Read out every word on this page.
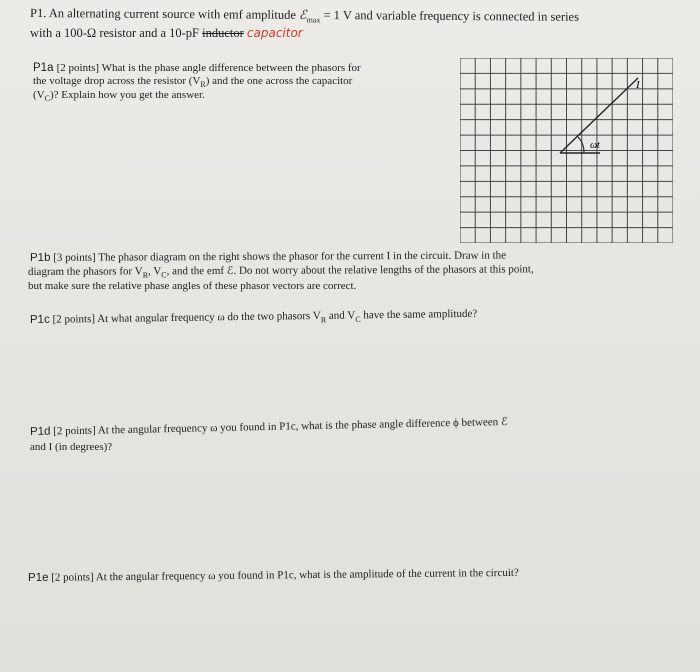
P1. An alternating current source with emf amplitude ℰ$_{max}$ = 1 V and variable frequency is connected in series
with a 100-Ω resistor and a 10-pF inductor capacitor
P1a [2 points] What is the phase angle difference between the phasors for
the voltage drop across the resistor $(V_R)$ and the one across the capacitor
$(V_C)$? Explain how you get the answer.
I
ωt
P1b [3 points] The phasor diagram on the right shows the phasor for the current I in the circuit. Draw in the
diagram the phasors for $V_R$, $V_C$, and the emf ℰ. Do not worry about the relative lengths of the phasors at this point,
but make sure the relative phase angles of these phasor vectors are correct.
P1c [2 points] At what angular frequency ω do the two phasors $V_R$ and $V_C$ have the same amplitude?
P1d [2 points] At the angular frequency ω you found in P1c, what is the phase angle difference ϕ between ℰ
and I (in degrees)?
P1e [2 points] At the angular frequency ω you found in P1c, what is the amplitude of the current in the circuit?
